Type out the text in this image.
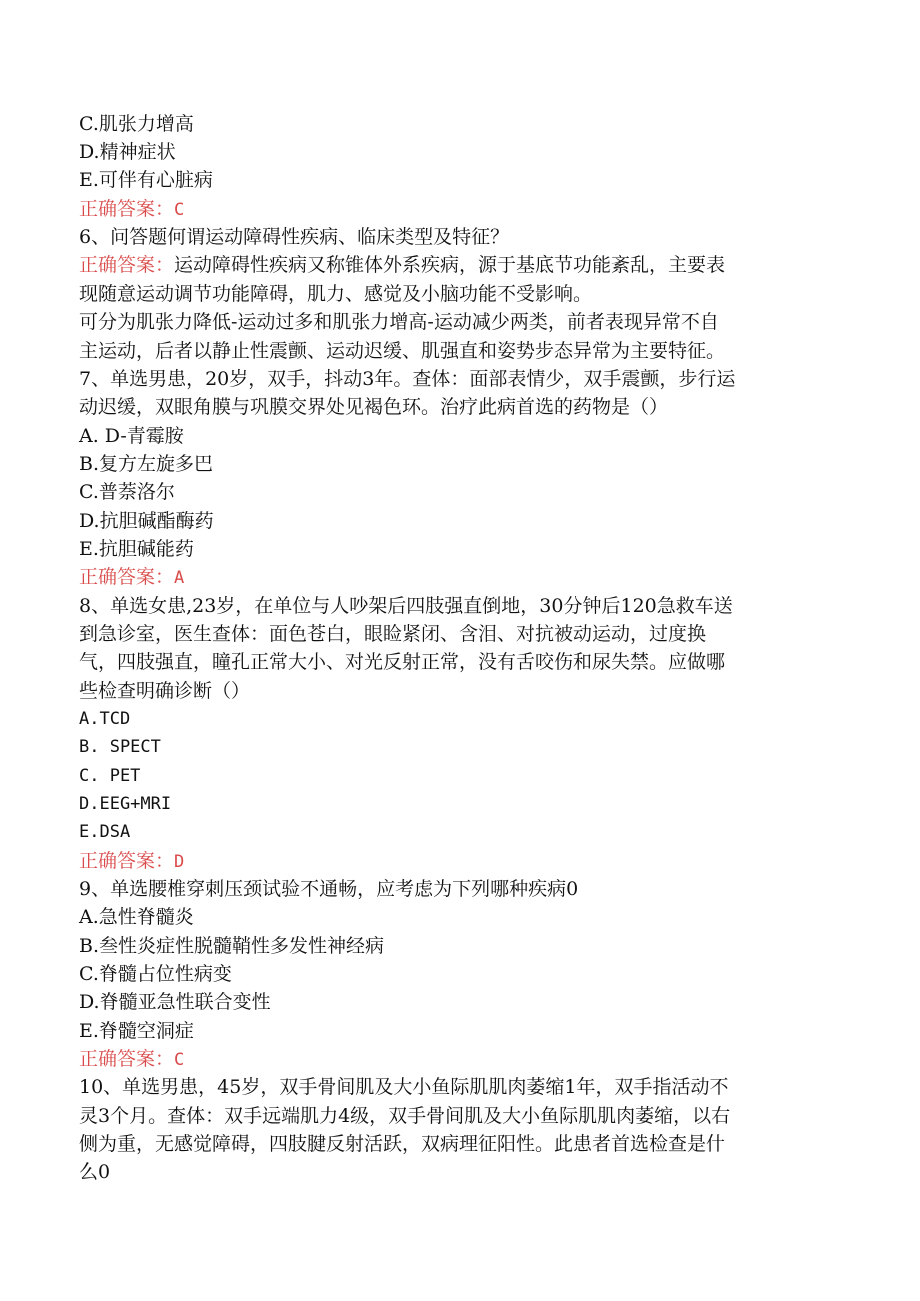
C.肌张力增高
D.精神症状
E.可伴有心脏病
正确答案：C
6、问答题何谓运动障碍性疾病、临床类型及特征？
正确答案：运动障碍性疾病又称锥体外系疾病，源于基底节功能紊乱，主要表
现随意运动调节功能障碍，肌力、感觉及小脑功能不受影响。
可分为肌张力降低-运动过多和肌张力增高-运动减少两类，前者表现异常不自
主运动，后者以静止性震颤、运动迟缓、肌强直和姿势步态异常为主要特征。
7、单选男患，20岁，双手，抖动3年。查体：面部表情少，双手震颤，步行运
动迟缓，双眼角膜与巩膜交界处见褐色环。治疗此病首选的药物是（）
A. D-青霉胺
B.复方左旋多巴
C.普萘洛尔
D.抗胆碱酯酶药
E.抗胆碱能药
正确答案：A
8、单选女患,23岁，在单位与人吵架后四肢强直倒地，30分钟后120急救车送
到急诊室，医生查体：面色苍白，眼睑紧闭、含泪、对抗被动运动，过度换
气，四肢强直，瞳孔正常大小、对光反射正常，没有舌咬伤和尿失禁。应做哪
些检查明确诊断（）
A.TCD
B. SPECT
C. PET
D.EEG+MRI
E.DSA
正确答案：D
9、单选腰椎穿刺压颈试验不通畅，应考虑为下列哪种疾病0
A.急性脊髓炎
B.叁性炎症性脱髓鞘性多发性神经病
C.脊髓占位性病变
D.脊髓亚急性联合变性
E.脊髓空洞症
正确答案：C
10、单选男患，45岁，双手骨间肌及大小鱼际肌肌肉萎缩1年，双手指活动不
灵3个月。查体：双手远端肌力4级，双手骨间肌及大小鱼际肌肌肉萎缩，以右
侧为重，无感觉障碍，四肢腱反射活跃，双病理征阳性。此患者首选检查是什
么0
